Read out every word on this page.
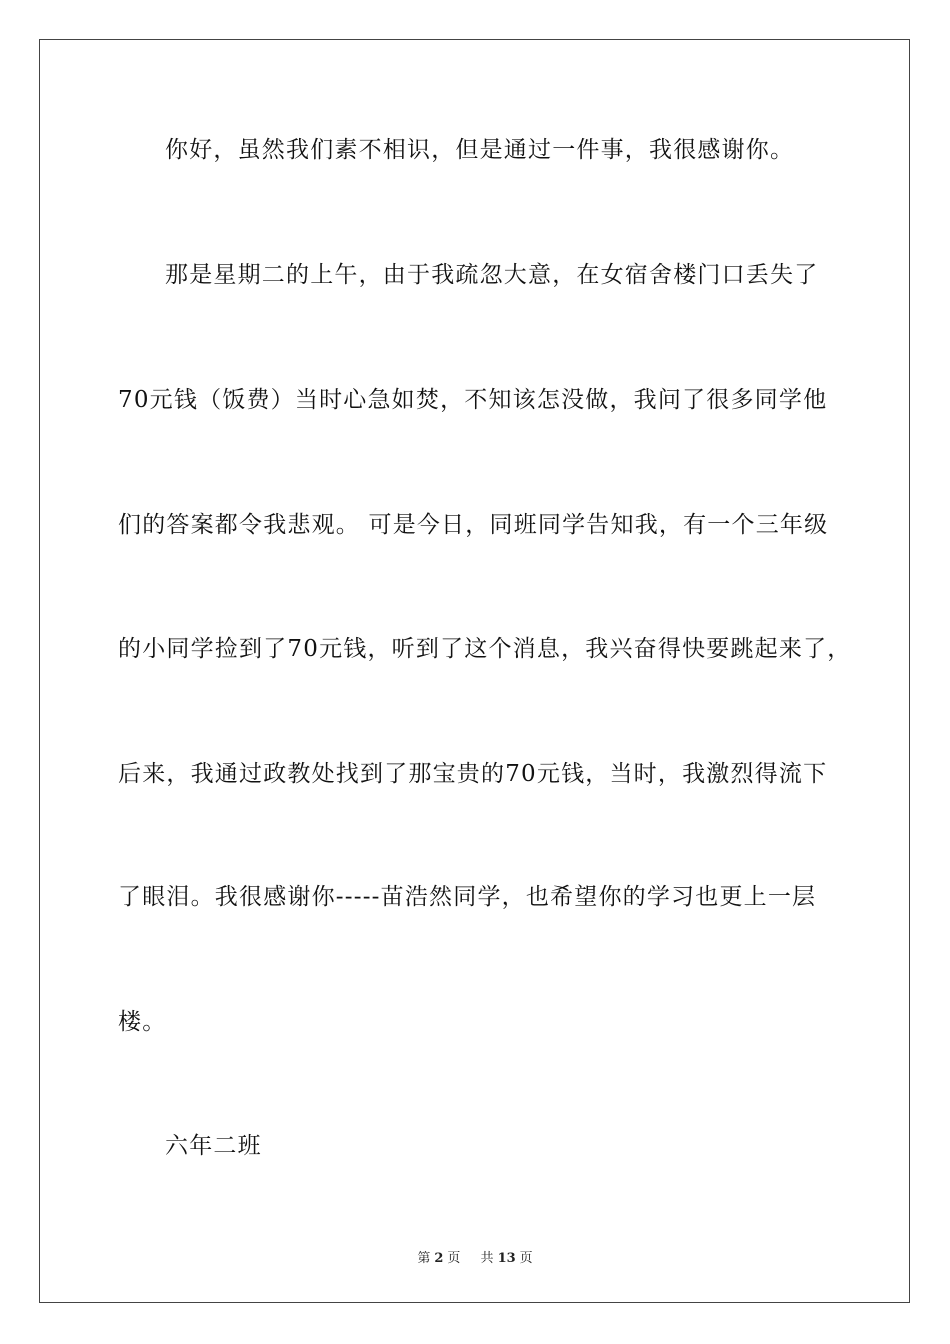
你好，虽然我们素不相识，但是通过一件事，我很感谢你。
那是星期二的上午，由于我疏忽大意，在女宿舍楼门口丢失了
70元钱（饭费）当时心急如焚，不知该怎没做，我问了很多同学他
们的答案都令我悲观。 可是今日，同班同学告知我，有一个三年级
的小同学捡到了70元钱，听到了这个消息，我兴奋得快要跳起来了，
后来，我通过政教处找到了那宝贵的70元钱，当时，我激烈得流下
了眼泪。我很感谢你-----苗浩然同学，也希望你的学习也更上一层
楼。
六年二班
第 2 页 共 13 页
